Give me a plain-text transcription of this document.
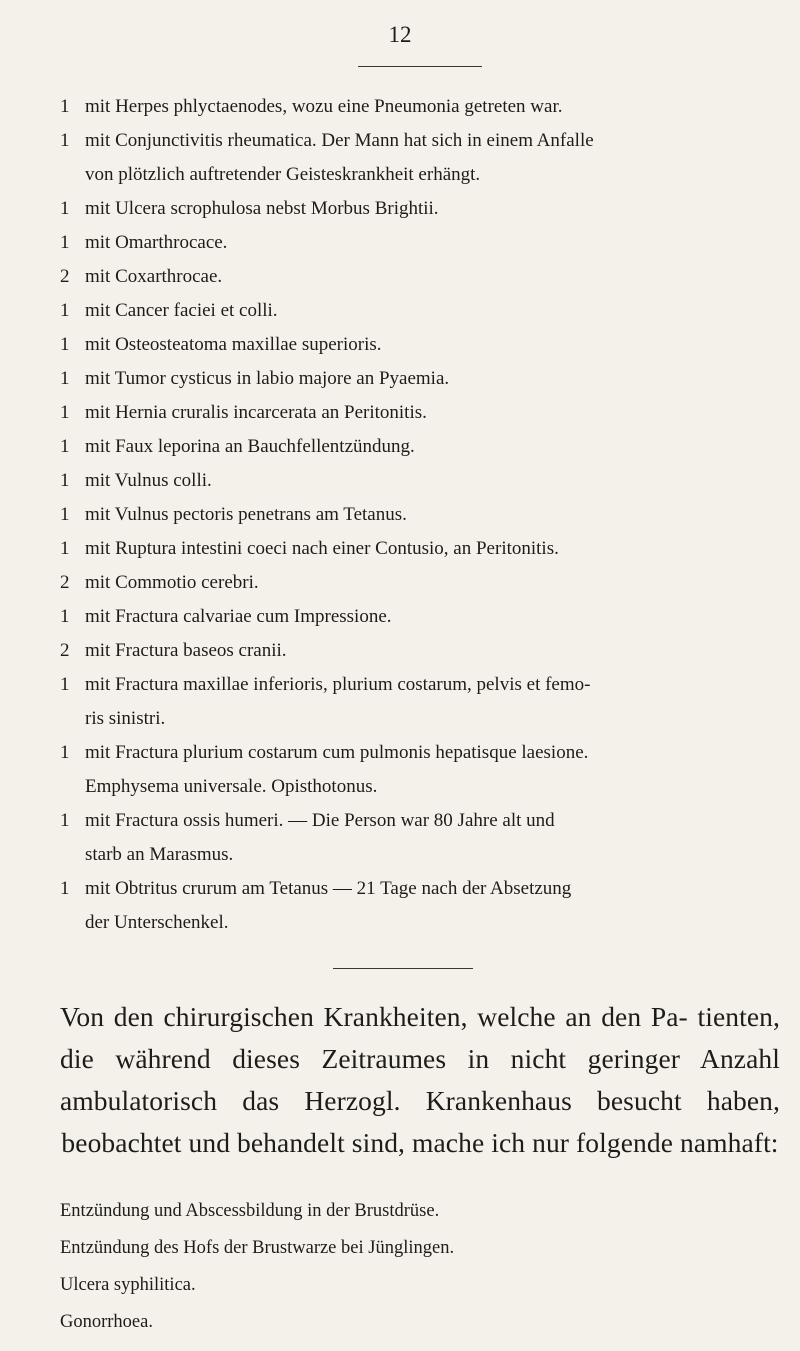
12
1 mit Herpes phlyctaenodes, wozu eine Pneumonia getreten war.
1 mit Conjunctivitis rheumatica. Der Mann hat sich in einem Anfalle
von plötzlich auftretender Geisteskrankheit erhängt.
1 mit Ulcera scrophulosa nebst Morbus Brightii.
1 mit Omarthrocace.
2 mit Coxarthrocae.
1 mit Cancer faciei et colli.
1 mit Osteosteatoma maxillae superioris.
1 mit Tumor cysticus in labio majore an Pyaemia.
1 mit Hernia cruralis incarcerata an Peritonitis.
1 mit Faux leporina an Bauchfellentzündung.
1 mit Vulnus colli.
1 mit Vulnus pectoris penetrans am Tetanus.
1 mit Ruptura intestini coeci nach einer Contusio, an Peritonitis.
2 mit Commotio cerebri.
1 mit Fractura calvariae cum Impressione.
2 mit Fractura baseos cranii.
1 mit Fractura maxillae inferioris, plurium costarum, pelvis et femo-
ris sinistri.
1 mit Fractura plurium costarum cum pulmonis hepatisque laesione.
Emphysema universale. Opisthotonus.
1 mit Fractura ossis humeri. — Die Person war 80 Jahre alt und
starb an Marasmus.
1 mit Obtritus crurum am Tetanus — 21 Tage nach der Absetzung
der Unterschenkel.
Von den chirurgischen Krankheiten, welche an den Pa- tienten, die während dieses Zeitraumes in nicht geringer Anzahl ambulatorisch das Herzogl. Krankenhaus besucht haben, beobachtet und behandelt sind, mache ich nur folgende namhaft:
Entzündung und Abscessbildung in der Brustdrüse.
Entzündung des Hofs der Brustwarze bei Jünglingen.
Ulcera syphilitica.
Gonorrhoea.
